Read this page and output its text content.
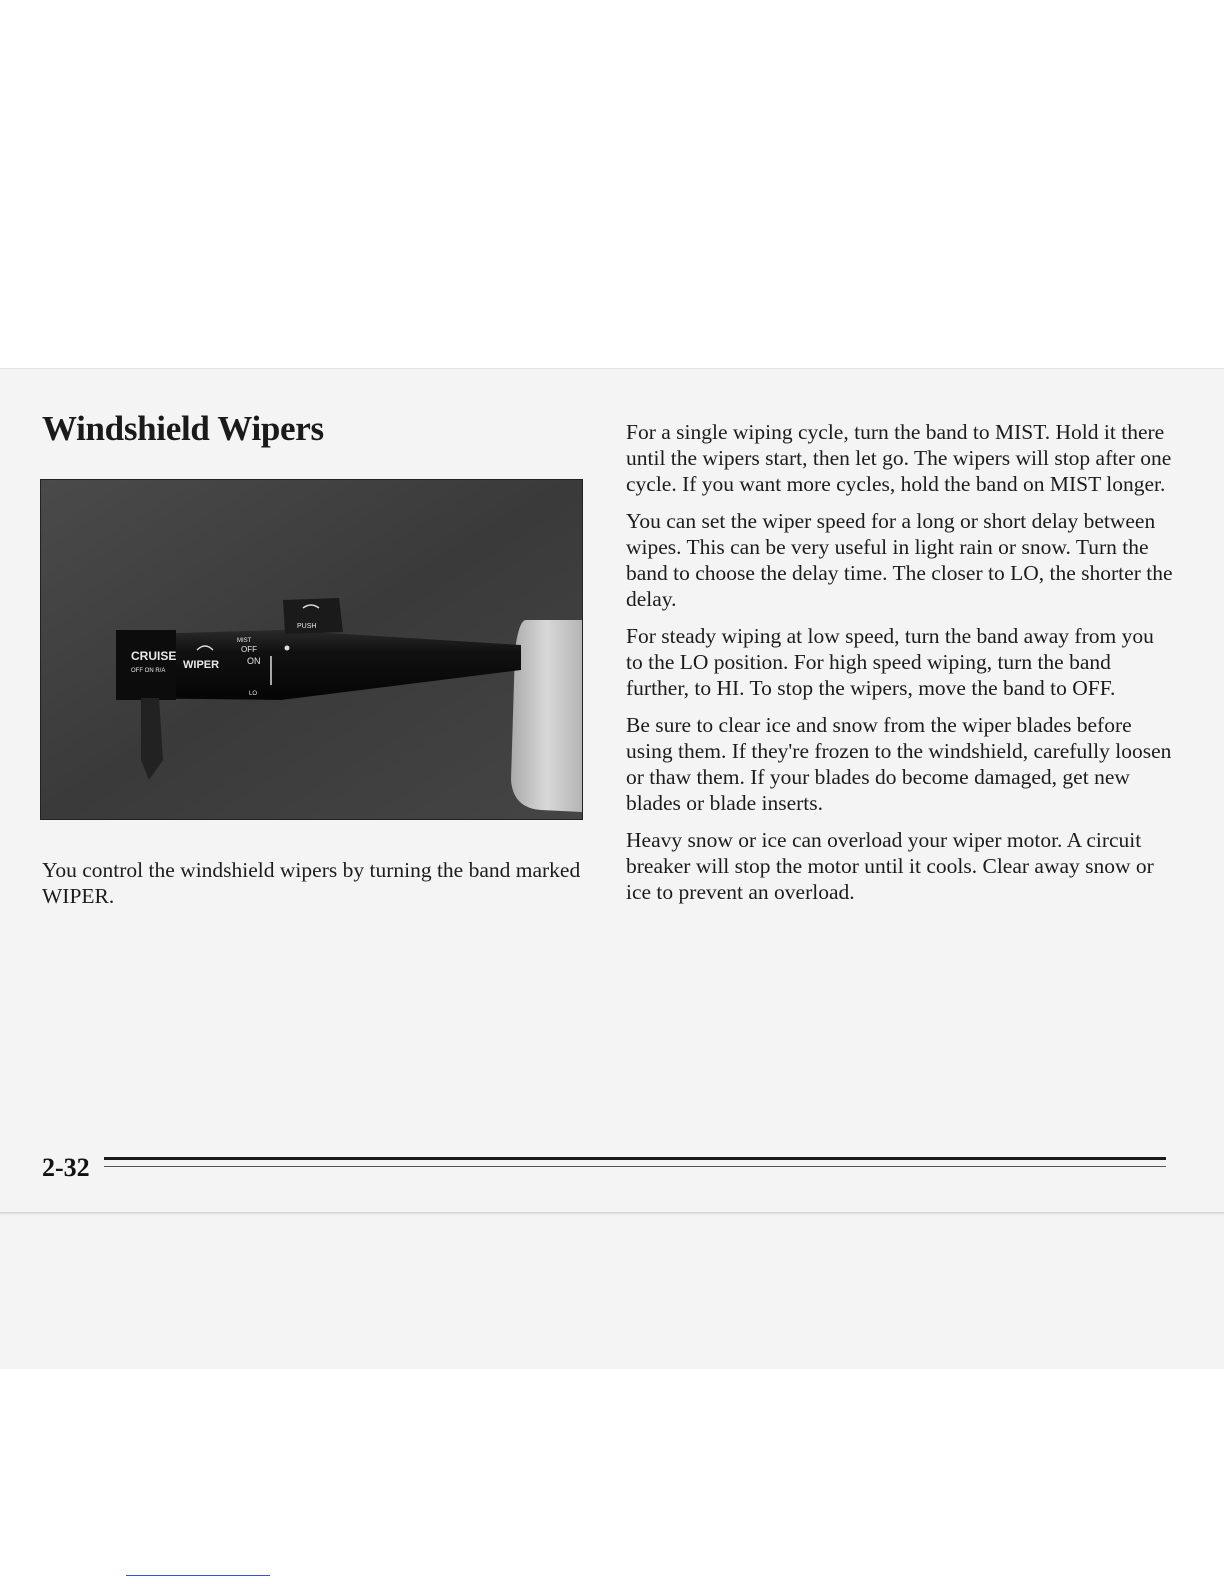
Windshield Wipers
CRUISE
OFF ON R/A WIPER
PUSH
MIST
OFF
ON
LO

You control the windshield wipers by turning the band marked WIPER.

For a single wiping cycle, turn the band to MIST. Hold it there until the wipers start, then let go. The wipers will stop after one cycle. If you want more cycles, hold the band on MIST longer.

You can set the wiper speed for a long or short delay between wipes. This can be very useful in light rain or snow. Turn the band to choose the delay time. The closer to LO, the shorter the delay.

For steady wiping at low speed, turn the band away from you to the LO position. For high speed wiping, turn the band further, to HI. To stop the wipers, move the band to OFF.

Be sure to clear ice and snow from the wiper blades before using them. If they're frozen to the windshield, carefully loosen or thaw them. If your blades do become damaged, get new blades or blade inserts.

Heavy snow or ice can overload your wiper motor. A circuit breaker will stop the motor until it cools. Clear away snow or ice to prevent an overload.

2-32
